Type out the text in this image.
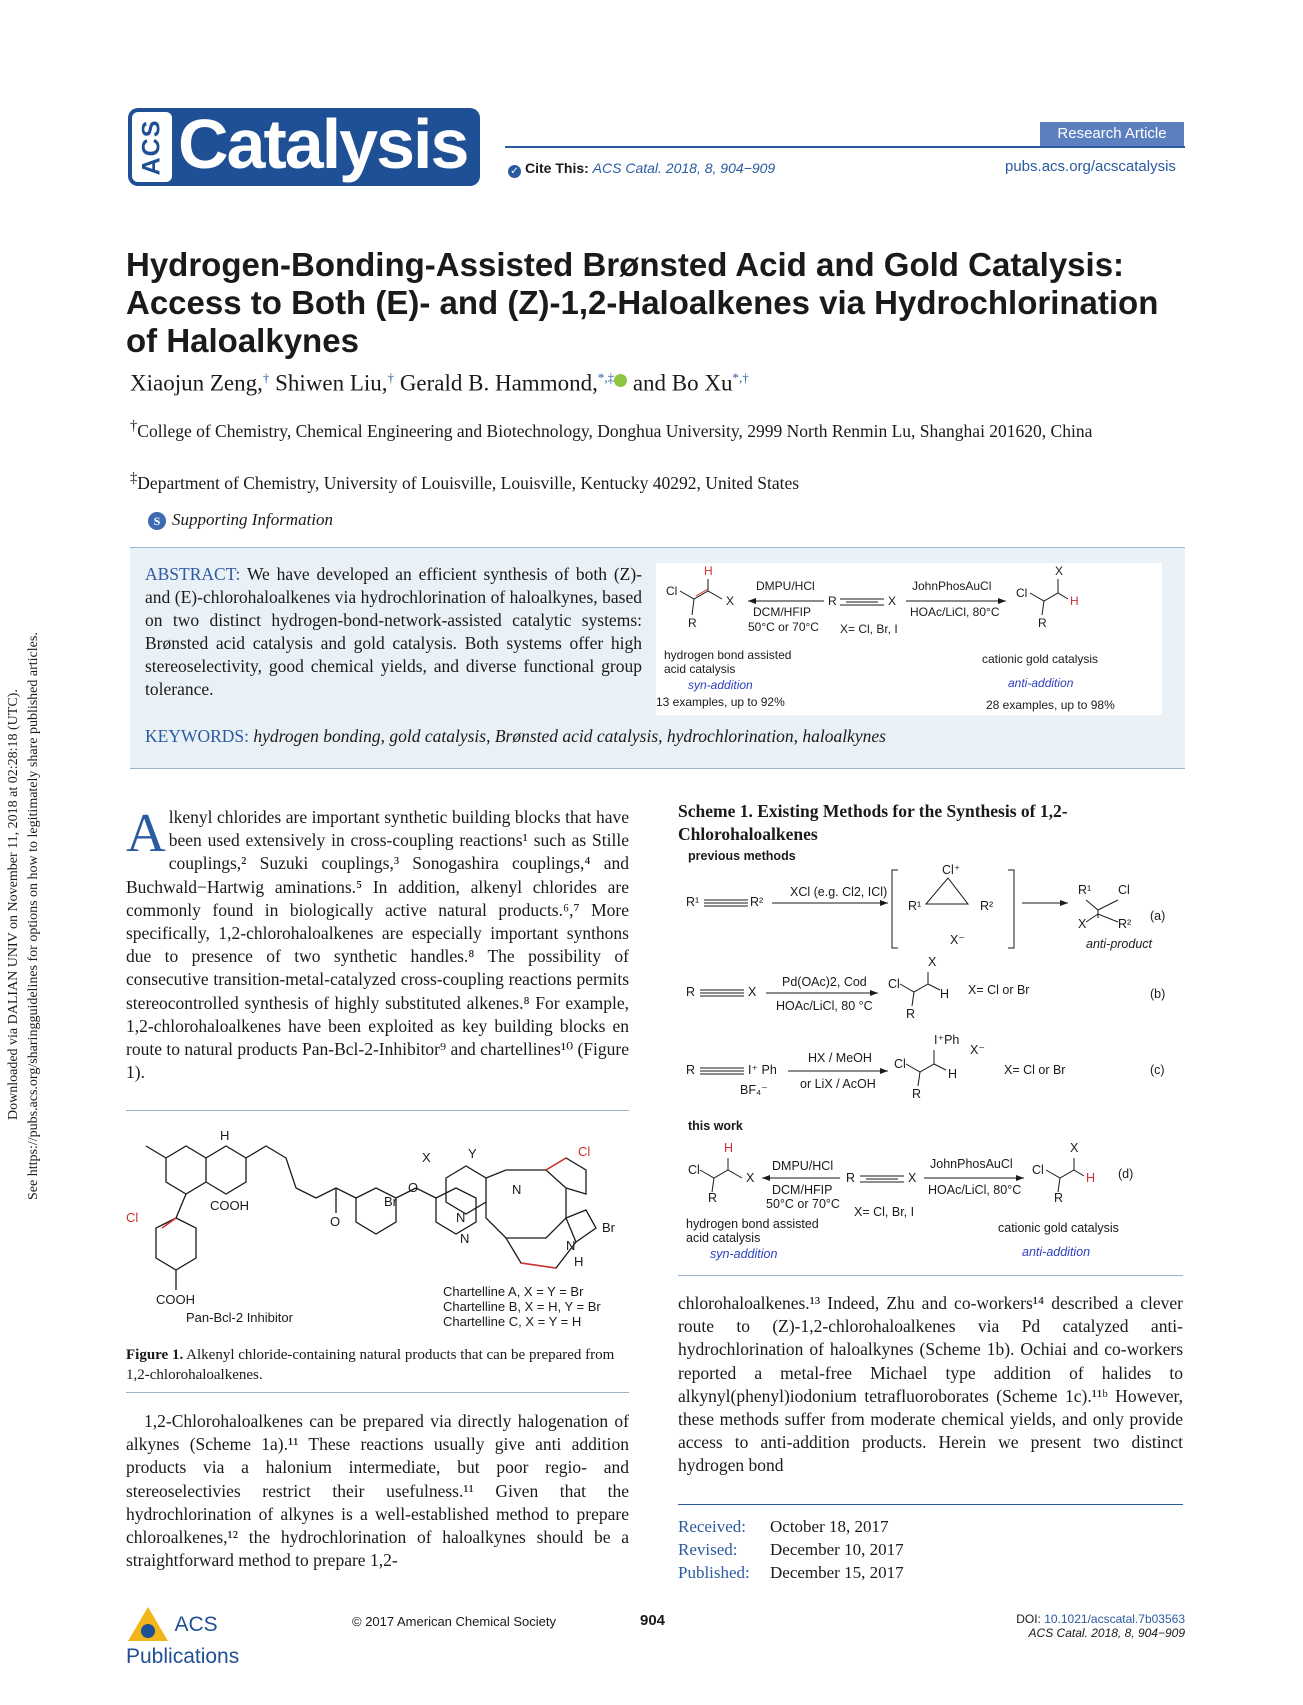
Downloaded via DALIAN UNIV on November 11, 2018 at 02:28:18 (UTC). See https://pubs.acs.org/sharingguidelines for options on how to legitimately share published articles.
ACS Catalysis	Research Article
✓ Cite This: ACS Catal. 2018, 8, 904−909	pubs.acs.org/acscatalysis
Hydrogen-Bonding-Assisted Brønsted Acid and Gold Catalysis: Access to Both (E)- and (Z)-1,2-Haloalkenes via Hydrochlorination of Haloalkynes
Xiaojun Zeng,† Shiwen Liu,† Gerald B. Hammond,*,‡ and Bo Xu*,†
†College of Chemistry, Chemical Engineering and Biotechnology, Donghua University, 2999 North Renmin Lu, Shanghai 201620, China
‡Department of Chemistry, University of Louisville, Louisville, Kentucky 40292, United States
S Supporting Information
ABSTRACT: We have developed an efficient synthesis of both (Z)- and (E)-chlorohaloalkenes via hydrochlorination of haloalkynes, based on two distinct hydrogen-bond-network-assisted catalytic systems: Brønsted acid catalysis and gold catalysis. Both systems offer high stereoselectivity, good chemical yields, and diverse functional group tolerance.
Cl
H
X
R
DMPU/HCl
DCM/HFIP
50°C or 70°C
R	X
X= Cl, Br, I
JohnPhosAuCl
HOAc/LiCl, 80°C
Cl
X
H
R
hydrogen bond assisted
acid catalysis
syn-addition
13 examples, up to 92%
cationic gold catalysis
anti-addition
28 examples, up to 98%
KEYWORDS: hydrogen bonding, gold catalysis, Brønsted acid catalysis, hydrochlorination, haloalkynes
Alkenyl chlorides are important synthetic building blocks that have been used extensively in cross-coupling reactions¹ such as Stille couplings,² Suzuki couplings,³ Sonogashira couplings,⁴ and Buchwald−Hartwig aminations.⁵ In addition, alkenyl chlorides are commonly found in biologically active natural products.⁶,⁷ More specifically, 1,2-chlorohaloalkenes are especially important synthons due to presence of two synthetic handles.⁸ The possibility of consecutive transition-metal-catalyzed cross-coupling reactions permits stereocontrolled synthesis of highly substituted alkenes.⁸ For example, 1,2-chlorohaloalkenes have been exploited as key building blocks en route to natural products Pan-Bcl-2-Inhibitor⁹ and chartellines¹⁰ (Figure 1).
Cl
H
COOH
O
O
N
COOH
X	Y
Br
Cl
Br
N
N
H
N
Pan-Bcl-2 Inhibitor
Chartelline A, X = Y = Br
Chartelline B, X = H, Y = Br
Chartelline C, X = Y = H
Figure 1. Alkenyl chloride-containing natural products that can be prepared from 1,2-chlorohaloalkenes.
1,2-Chlorohaloalkenes can be prepared via directly halogenation of alkynes (Scheme 1a).¹¹ These reactions usually give anti addition products via a halonium intermediate, but poor regio- and stereoselectivies restrict their usefulness.¹¹ Given that the hydrochlorination of alkynes is a well-established method to prepare chloroalkenes,¹² the hydrochlorination of haloalkynes should be a straightforward method to prepare 1,2-
Scheme 1. Existing Methods for the Synthesis of 1,2-Chlorohaloalkenes
previous methods
R¹	R²
XCl (e.g. Cl2, ICl)
R¹	R²
Cl⁺
X⁻
R¹ Cl
X	R²
anti-product
(a)
R	X
Pd(OAc)2, Cod
HOAc/LiCl, 80 °C
Cl
X
H
R
X= Cl or Br	(b)
R	I⁺ Ph
BF₄⁻
HX / MeOH
or LiX / AcOH
Cl
I⁺Ph
X⁻
H
R
X= Cl or Br	(c)
this work
Cl
H
X
R
DMPU/HCl
DCM/HFIP
50°C or 70°C
R	X
X= Cl, Br, I
JohnPhosAuCl
HOAc/LiCl, 80°C
Cl
X
H
R
(d)
hydrogen bond assisted
acid catalysis
syn-addition
cationic gold catalysis
anti-addition
chlorohaloalkenes.¹³ Indeed, Zhu and co-workers¹⁴ described a clever route to (Z)-1,2-chlorohaloalkenes via Pd catalyzed anti-hydrochlorination of haloalkynes (Scheme 1b). Ochiai and co-workers reported a metal-free Michael type addition of halides to alkynyl(phenyl)iodonium tetrafluoroborates (Scheme 1c).¹¹ᵇ However, these methods suffer from moderate chemical yields, and only provide access to anti-addition products. Herein we present two distinct hydrogen bond
Received: October 18, 2017
Revised: December 10, 2017
Published: December 15, 2017
ACS Publications
© 2017 American Chemical Society	904	DOI: 10.1021/acscatal.7b03563
ACS Catal. 2018, 8, 904−909
